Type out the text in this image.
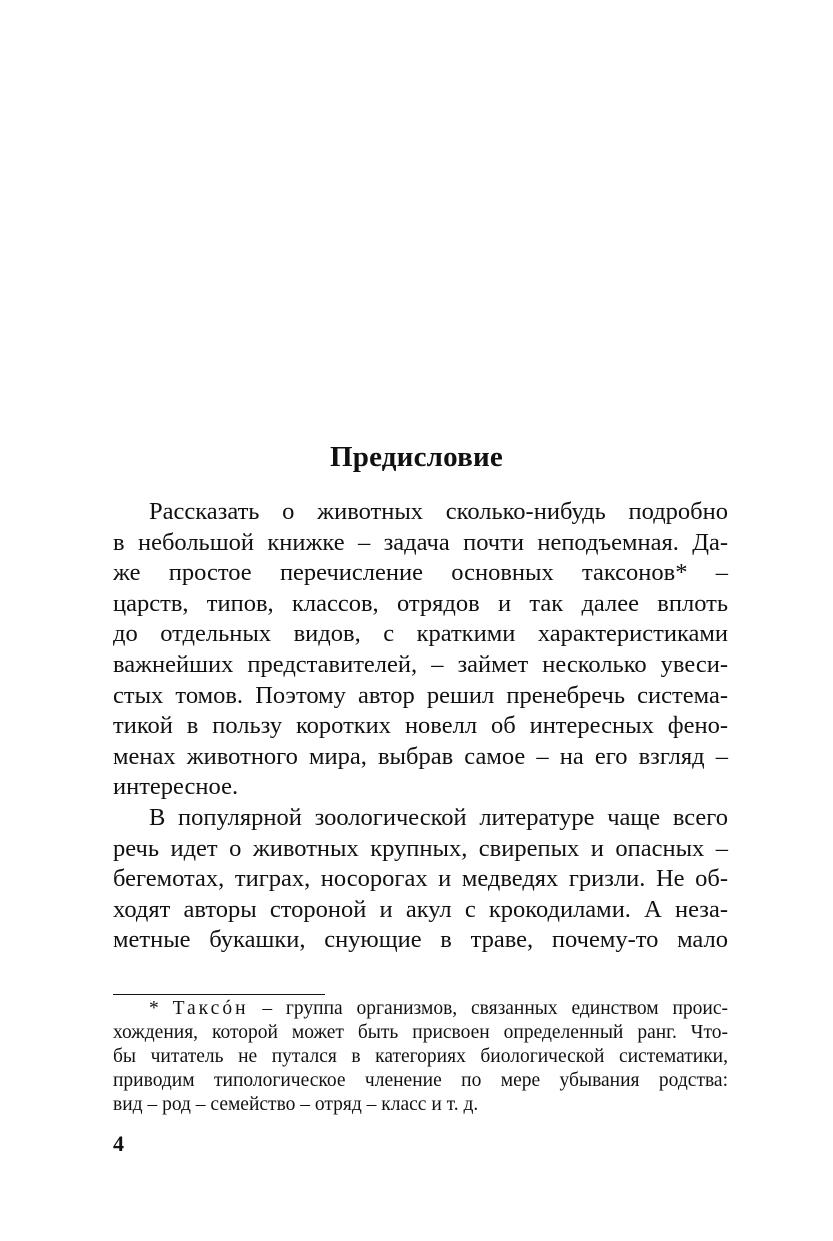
Предисловие
Рассказать о животных сколько-нибудь подробно
в небольшой книжке – задача почти неподъемная. Да-
же простое перечисление основных таксонов* –
царств, типов, классов, отрядов и так далее вплоть
до отдельных видов, с краткими характеристиками
важнейших представителей, – займет несколько увеси-
стых томов. Поэтому автор решил пренебречь система-
тикой в пользу коротких новелл об интересных фено-
менах животного мира, выбрав самое – на его взгляд –
интересное.
В популярной зоологической литературе чаще всего
речь идет о животных крупных, свирепых и опасных –
бегемотах, тиграх, носорогах и медведях гризли. Не об-
ходят авторы стороной и акул с крокодилами. А неза-
метные букашки, снующие в траве, почему-то мало
* Таксóн – группа организмов, связанных единством проис-
хождения, которой может быть присвоен определенный ранг. Что-
бы читатель не путался в категориях биологической систематики,
приводим типологическое членение по мере убывания родства:
вид – род – семейство – отряд – класс и т. д.
4
